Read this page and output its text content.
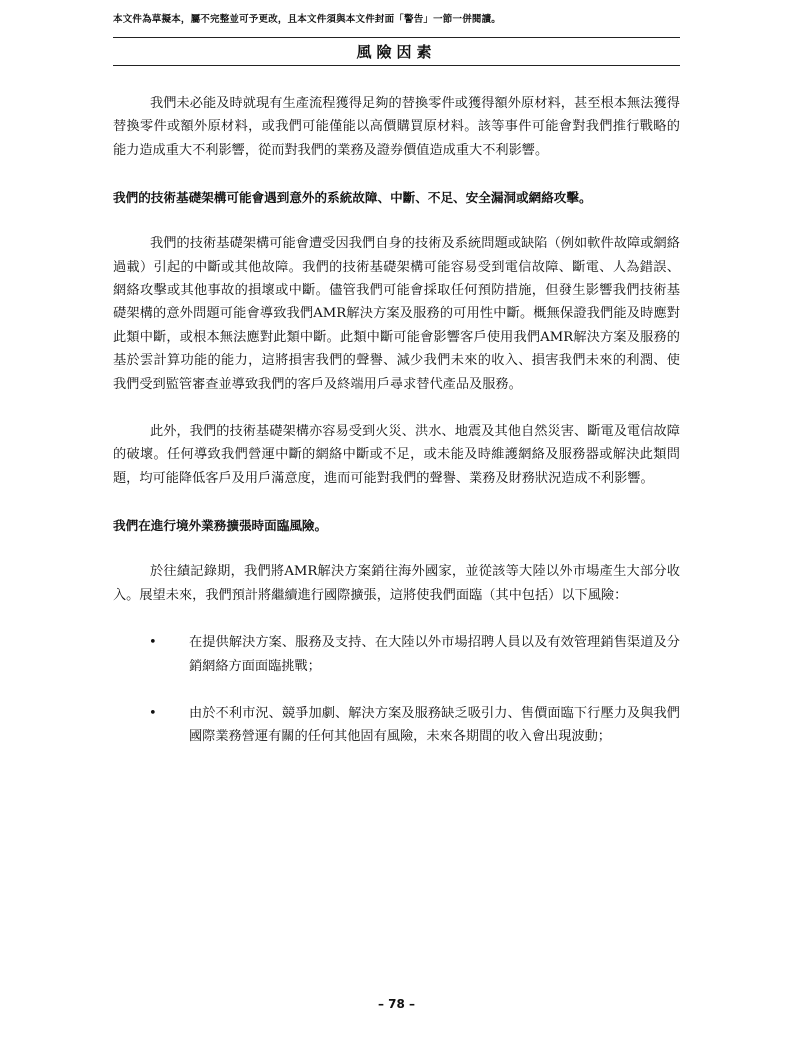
本文件為草擬本，屬不完整並可予更改，且本文件須與本文件封面「警告」一節一併閱讀。
風險因素

我們未必能及時就現有生產流程獲得足夠的替換零件或獲得額外原材料，甚至根本無法獲得替換零件或額外原材料，或我們可能僅能以高價購買原材料。該等事件可能會對我們推行戰略的能力造成重大不利影響，從而對我們的業務及證券價值造成重大不利影響。

我們的技術基礎架構可能會遇到意外的系統故障、中斷、不足、安全漏洞或網絡攻擊。

我們的技術基礎架構可能會遭受因我們自身的技術及系統問題或缺陷（例如軟件故障或網絡過載）引起的中斷或其他故障。我們的技術基礎架構可能容易受到電信故障、斷電、人為錯誤、網絡攻擊或其他事故的損壞或中斷。儘管我們可能會採取任何預防措施，但發生影響我們技術基礎架構的意外問題可能會導致我們AMR解決方案及服務的可用性中斷。概無保證我們能及時應對此類中斷，或根本無法應對此類中斷。此類中斷可能會影響客戶使用我們AMR解決方案及服務的基於雲計算功能的能力，這將損害我們的聲譽、減少我們未來的收入、損害我們未來的利潤、使我們受到監管審查並導致我們的客戶及終端用戶尋求替代產品及服務。

此外，我們的技術基礎架構亦容易受到火災、洪水、地震及其他自然災害、斷電及電信故障的破壞。任何導致我們營運中斷的網絡中斷或不足，或未能及時維護網絡及服務器或解決此類問題，均可能降低客戶及用戶滿意度，進而可能對我們的聲譽、業務及財務狀況造成不利影響。

我們在進行境外業務擴張時面臨風險。

於往績記錄期，我們將AMR解決方案銷往海外國家，並從該等大陸以外市場產生大部分收入。展望未來，我們預計將繼續進行國際擴張，這將使我們面臨（其中包括）以下風險：

• 在提供解決方案、服務及支持、在大陸以外市場招聘人員以及有效管理銷售渠道及分銷網絡方面面臨挑戰；
• 由於不利市況、競爭加劇、解決方案及服務缺乏吸引力、售價面臨下行壓力及與我們國際業務營運有關的任何其他固有風險，未來各期間的收入會出現波動；
– 78 –
